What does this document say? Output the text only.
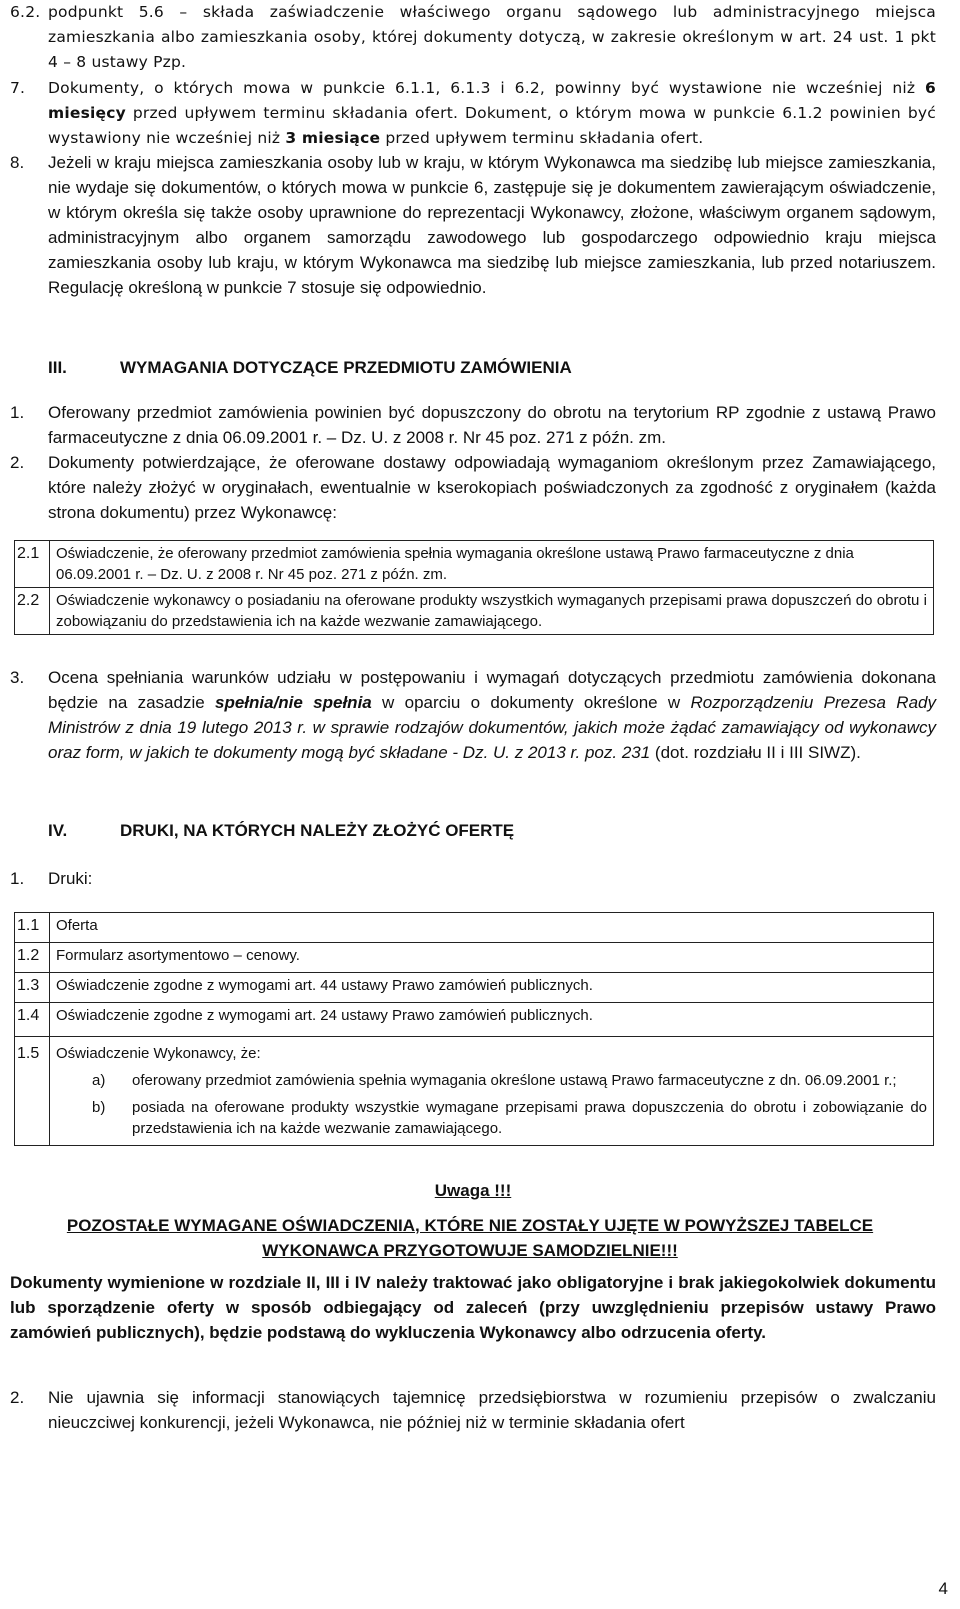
6.2. podpunkt 5.6 – składa zaświadczenie właściwego organu sądowego lub administracyjnego miejsca zamieszkania albo zamieszkania osoby, której dokumenty dotyczą, w zakresie określonym w art. 24 ust. 1 pkt 4 – 8 ustawy Pzp.
7. Dokumenty, o których mowa w punkcie 6.1.1, 6.1.3 i 6.2, powinny być wystawione nie wcześniej niż 6 miesięcy przed upływem terminu składania ofert. Dokument, o którym mowa w punkcie 6.1.2 powinien być wystawiony nie wcześniej niż 3 miesiące przed upływem terminu składania ofert.
8. Jeżeli w kraju miejsca zamieszkania osoby lub w kraju, w którym Wykonawca ma siedzibę lub miejsce zamieszkania, nie wydaje się dokumentów, o których mowa w punkcie 6, zastępuje się je dokumentem zawierającym oświadczenie, w którym określa się także osoby uprawnione do reprezentacji Wykonawcy, złożone, właściwym organem sądowym, administracyjnym albo organem samorządu zawodowego lub gospodarczego odpowiednio kraju miejsca zamieszkania osoby lub kraju, w którym Wykonawca ma siedzibę lub miejsce zamieszkania, lub przed notariuszem. Regulację określoną w punkcie 7 stosuje się odpowiednio.
III.	WYMAGANIA DOTYCZĄCE PRZEDMIOTU ZAMÓWIENIA
1. Oferowany przedmiot zamówienia powinien być dopuszczony do obrotu na terytorium RP zgodnie z ustawą Prawo farmaceutyczne z dnia 06.09.2001 r. – Dz. U. z 2008 r. Nr 45 poz. 271 z późn. zm.
2. Dokumenty potwierdzające, że oferowane dostawy odpowiadają wymaganiom określonym przez Zamawiającego, które należy złożyć w oryginałach, ewentualnie w kserokopiach poświadczonych za zgodność z oryginałem (każda strona dokumentu) przez Wykonawcę:
2.1	Oświadczenie, że oferowany przedmiot zamówienia spełnia wymagania określone ustawą Prawo farmaceutyczne z dnia 06.09.2001 r. – Dz. U. z 2008 r. Nr 45 poz. 271 z późn. zm.
2.2	Oświadczenie wykonawcy o posiadaniu na oferowane produkty wszystkich wymaganych przepisami prawa dopuszczeń do obrotu i zobowiązaniu do przedstawienia ich na każde wezwanie zamawiającego.
3. Ocena spełniania warunków udziału w postępowaniu i wymagań dotyczących przedmiotu zamówienia dokonana będzie na zasadzie spełnia/nie spełnia w oparciu o dokumenty określone w Rozporządzeniu Prezesa Rady Ministrów z dnia 19 lutego 2013 r. w sprawie rodzajów dokumentów, jakich może żądać zamawiający od wykonawcy oraz form, w jakich te dokumenty mogą być składane - Dz. U. z 2013 r. poz. 231 (dot. rozdziału II i III SIWZ).
IV.	DRUKI, NA KTÓRYCH NALEŻY ZŁOŻYĆ OFERTĘ
1. Druki:
1.1	Oferta
1.2	Formularz asortymentowo – cenowy.
1.3	Oświadczenie zgodne z wymogami art. 44 ustawy Prawo zamówień publicznych.
1.4	Oświadczenie zgodne z wymogami art. 24 ustawy Prawo zamówień publicznych.
1.5	Oświadczenie Wykonawcy, że:
a) oferowany przedmiot zamówienia spełnia wymagania określone ustawą Prawo farmaceutyczne z dn. 06.09.2001 r.;
b) posiada na oferowane produkty wszystkie wymagane przepisami prawa dopuszczenia do obrotu i zobowiązanie do przedstawienia ich na każde wezwanie zamawiającego.
Uwaga !!!
POZOSTAŁE WYMAGANE OŚWIADCZENIA, KTÓRE NIE ZOSTAŁY UJĘTE W POWYŻSZEJ TABELCE WYKONAWCA PRZYGOTOWUJE SAMODZIELNIE!!!
Dokumenty wymienione w rozdziale II, III i IV należy traktować jako obligatoryjne i brak jakiegokolwiek dokumentu lub sporządzenie oferty w sposób odbiegający od zaleceń (przy uwzględnieniu przepisów ustawy Prawo zamówień publicznych), będzie podstawą do wykluczenia Wykonawcy albo odrzucenia oferty.
2. Nie ujawnia się informacji stanowiących tajemnicę przedsiębiorstwa w rozumieniu przepisów o zwalczaniu nieuczciwej konkurencji, jeżeli Wykonawca, nie później niż w terminie składania ofert
4
